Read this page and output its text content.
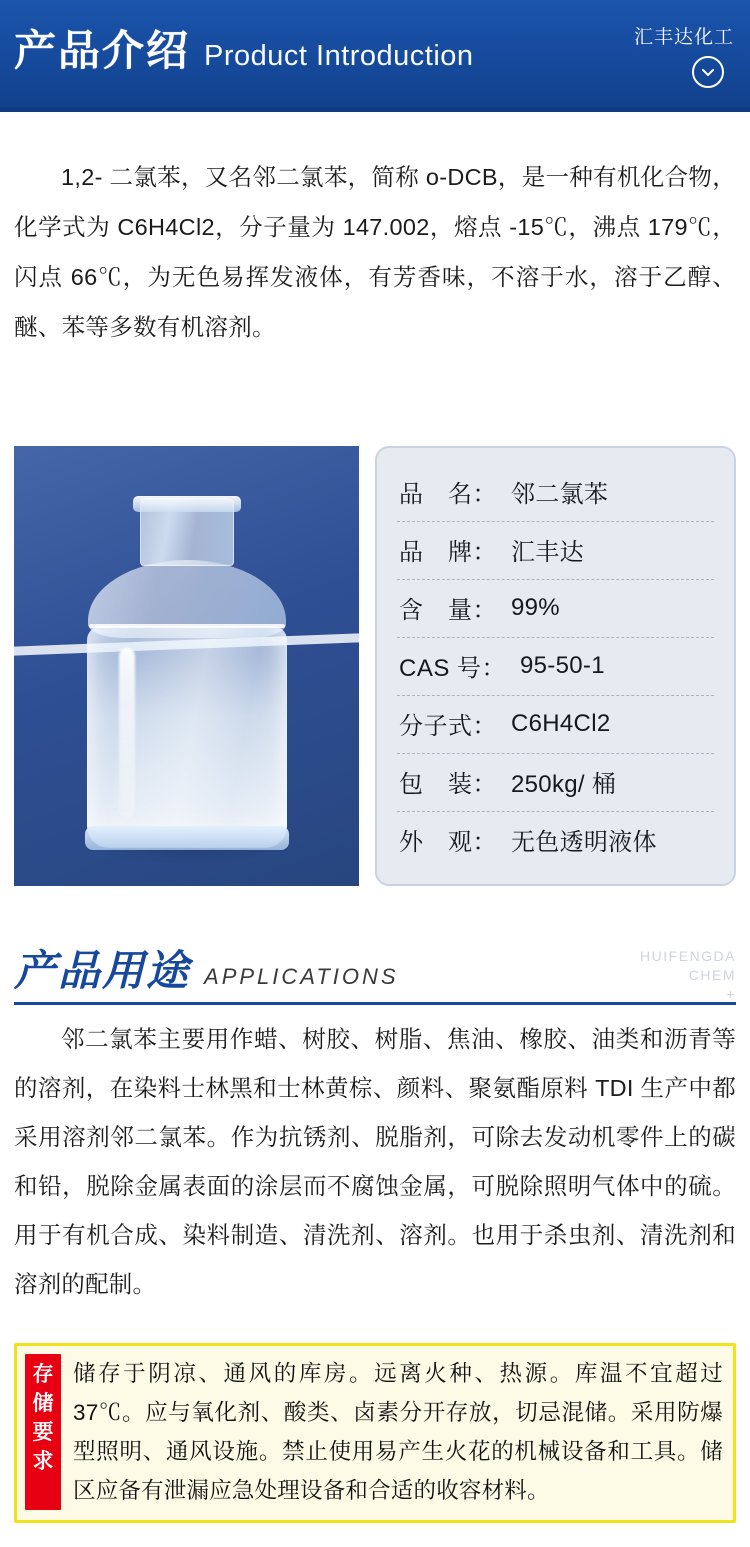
产品介绍 Product Introduction
汇丰达化工

1,2- 二氯苯，又名邻二氯苯，简称 o-DCB，是一种有机化合物，化学式为 C6H4Cl2，分子量为 147.002，熔点 -15℃，沸点 179℃，闪点 66℃，为无色易挥发液体，有芳香味，不溶于水，溶于乙醇、醚、苯等多数有机溶剂。

品　名： 邻二氯苯
品　牌： 汇丰达
含　量： 99%
CAS 号： 95-50-1
分子式： C6H4Cl2
包　装： 250kg/ 桶
外　观： 无色透明液体
产品用途 APPLICATIONS
HUIFENGDA
CHEM
+

邻二氯苯主要用作蜡、树胶、树脂、焦油、橡胶、油类和沥青等的溶剂，在染料士林黑和士林黄棕、颜料、聚氨酯原料 TDI 生产中都采用溶剂邻二氯苯。作为抗锈剂、脱脂剂，可除去发动机零件上的碳和铅，脱除金属表面的涂层而不腐蚀金属，可脱除照明气体中的硫。用于有机合成、染料制造、清洗剂、溶剂。也用于杀虫剂、清洗剂和溶剂的配制。

存储要求
储存于阴凉、通风的库房。远离火种、热源。库温不宜超过 37℃。应与氧化剂、酸类、卤素分开存放，切忌混储。采用防爆型照明、通风设施。禁止使用易产生火花的机械设备和工具。储区应备有泄漏应急处理设备和合适的收容材料。
